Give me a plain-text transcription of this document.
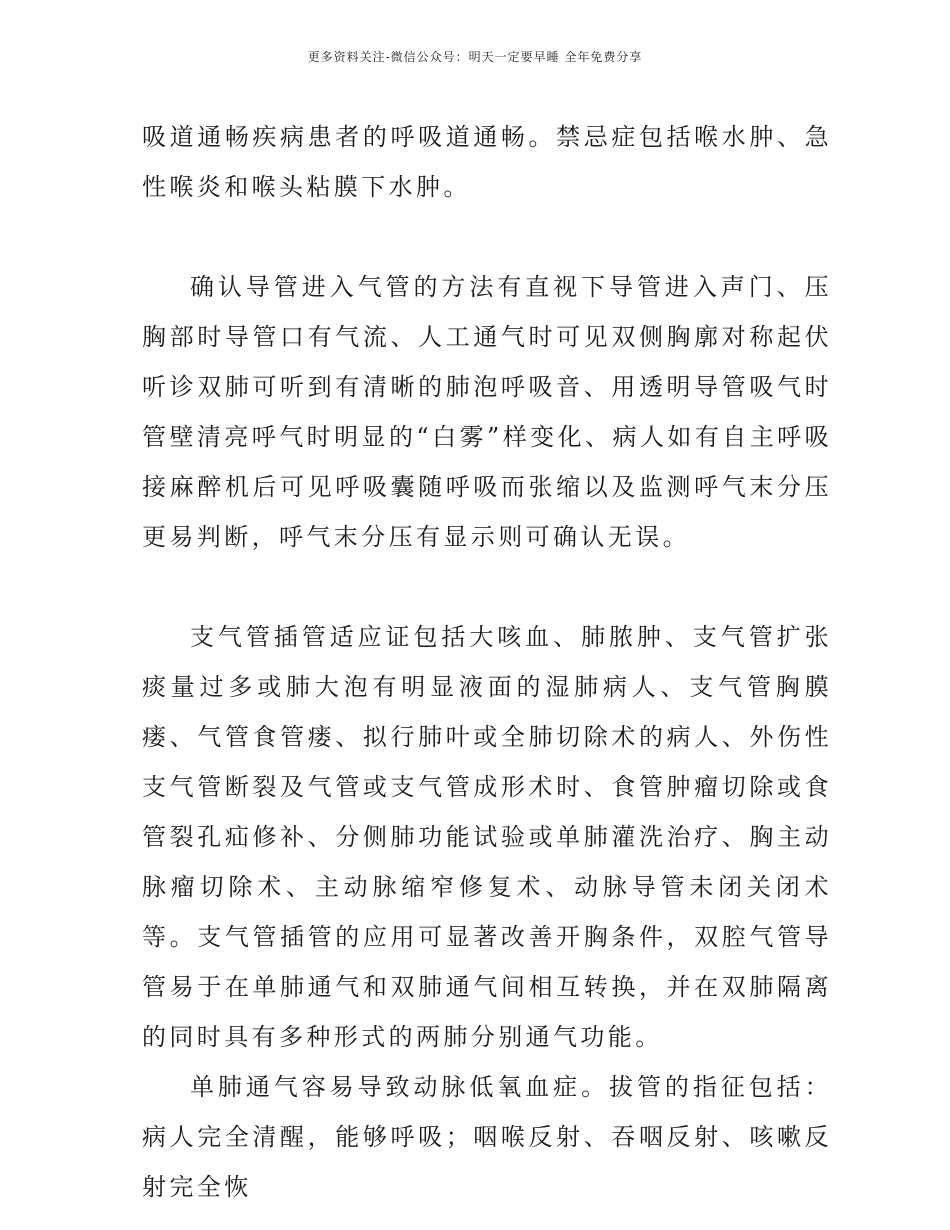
更多资料关注-微信公众号：明天一定要早睡 全年免费分享

吸道通畅疾病患者的呼吸道通畅。禁忌症包括喉水肿、急性喉炎和喉头粘膜下水肿。

确认导管进入气管的方法有直视下导管进入声门、压胸部时导管口有气流、人工通气时可见双侧胸廓对称起伏听诊双肺可听到有清晰的肺泡呼吸音、用透明导管吸气时管壁清亮呼气时明显的“白雾”样变化、病人如有自主呼吸接麻醉机后可见呼吸囊随呼吸而张缩以及监测呼气末分压更易判断，呼气末分压有显示则可确认无误。

支气管插管适应证包括大咳血、肺脓肿、支气管扩张痰量过多或肺大泡有明显液面的湿肺病人、支气管胸膜瘘、气管食管瘘、拟行肺叶或全肺切除术的病人、外伤性支气管断裂及气管或支气管成形术时、食管肿瘤切除或食管裂孔疝修补、分侧肺功能试验或单肺灌洗治疗、胸主动脉瘤切除术、主动脉缩窄修复术、动脉导管未闭关闭术等。支气管插管的应用可显著改善开胸条件，双腔气管导管易于在单肺通气和双肺通气间相互转换，并在双肺隔离的同时具有多种形式的两肺分别通气功能。

单肺通气容易导致动脉低氧血症。拔管的指征包括：病人完全清醒，能够呼吸；咽喉反射、吞咽反射、咳嗽反射完全恢
